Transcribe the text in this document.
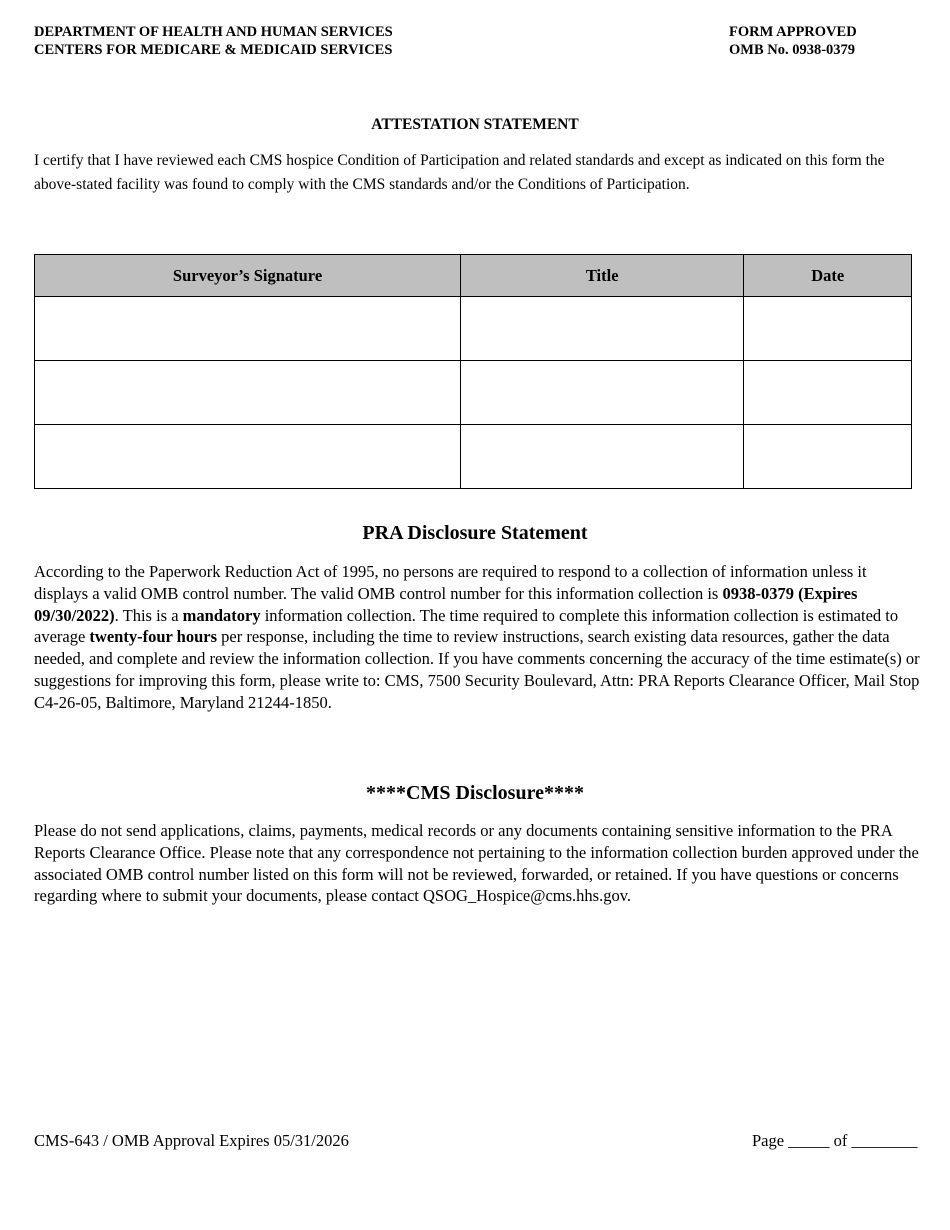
DEPARTMENT OF HEALTH AND HUMAN SERVICES
CENTERS FOR MEDICARE & MEDICAID SERVICES
FORM APPROVED
OMB No. 0938-0379
ATTESTATION STATEMENT
I certify that I have reviewed each CMS hospice Condition of Participation and related standards and except as indicated on this form the above-stated facility was found to comply with the CMS standards and/or the Conditions of Participation.
Surveyor’s Signature	Title	Date

PRA Disclosure Statement
According to the Paperwork Reduction Act of 1995, no persons are required to respond to a collection of information unless it displays a valid OMB control number. The valid OMB control number for this information collection is 0938-0379 (Expires 09/30/2022). This is a mandatory information collection. The time required to complete this information collection is estimated to average twenty-four hours per response, including the time to review instructions, search existing data resources, gather the data needed, and complete and review the information collection. If you have comments concerning the accuracy of the time estimate(s) or suggestions for improving this form, please write to: CMS, 7500 Security Boulevard, Attn: PRA Reports Clearance Officer, Mail Stop C4-26-05, Baltimore, Maryland 21244-1850.
****CMS Disclosure****
Please do not send applications, claims, payments, medical records or any documents containing sensitive information to the PRA Reports Clearance Office. Please note that any correspondence not pertaining to the information collection burden approved under the associated OMB control number listed on this form will not be reviewed, forwarded, or retained. If you have questions or concerns regarding where to submit your documents, please contact QSOG_Hospice@cms.hhs.gov.
CMS-643 / OMB Approval Expires 05/31/2026	Page _____ of ________
